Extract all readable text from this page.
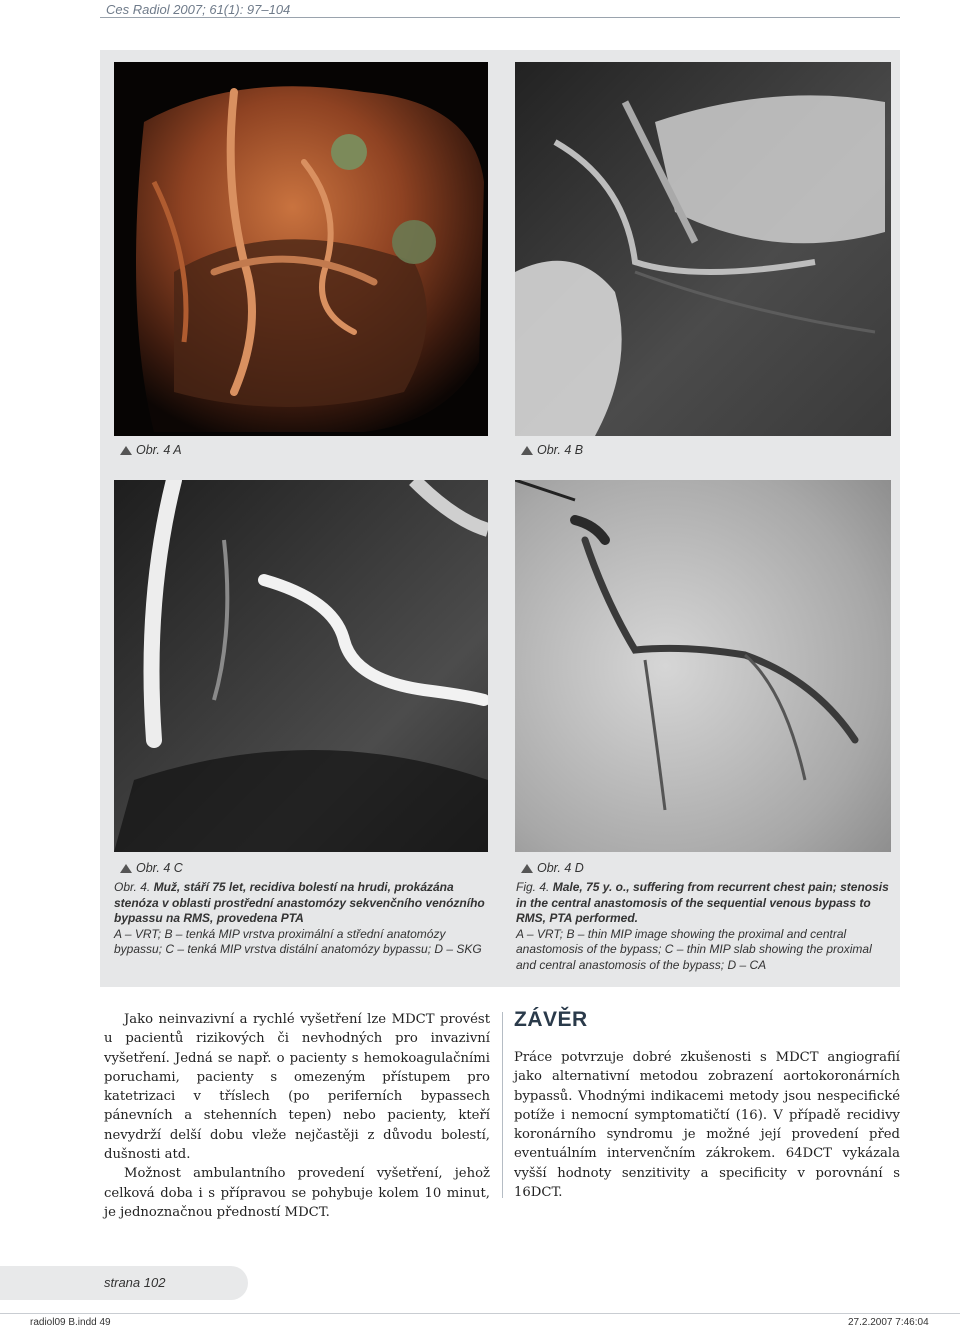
Ces Radiol 2007; 61(1): 97–104
Obr. 4 A	Obr. 4 B
Obr. 4 C	Obr. 4 D
Obr. 4. Muž, stáří 75 let, recidiva bolestí na hrudi, prokázána stenóza v oblasti prostřední anastomózy sekvenčního venózního bypassu na RMS, provedena PTA
A – VRT; B – tenká MIP vrstva proximální a střední anatomózy bypassu; C – tenká MIP vrstva distální anatomózy bypassu; D – SKG
Fig. 4. Male, 75 y. o., suffering from recurrent chest pain; stenosis in the central anastomosis of the sequential venous bypass to RMS, PTA performed.
A – VRT; B – thin MIP image showing the proximal and central anastomosis of the bypass; C – thin MIP slab showing the proximal and central anastomosis of the bypass; D – CA

Jako neinvazivní a rychlé vyšetření lze MDCT provést u pacientů rizikových či nevhodných pro invazivní vyšetření. Jedná se např. o pacienty s hemokoagulačními poruchami, pacienty s omezeným přístupem pro katetrizaci v tříslech (po periferních bypassech pánevních a stehenních tepen) nebo pacienty, kteří nevydrží delší dobu vleže nejčastěji z důvodu bolestí, dušnosti atd.

Možnost ambulantního provedení vyšetření, jehož celková doba i s přípravou se pohybuje kolem 10 minut, je jednoznačnou předností MDCT.

ZÁVĚR

Práce potvrzuje dobré zkušenosti s MDCT angiografií jako alternativní metodou zobrazení aortokoronárních bypassů. Vhodnými indikacemi metody jsou nespecifické potíže i nemocní symptomatičtí (16). V případě recidivy koronárního syndromu je možné její provedení před eventuálním intervenčním zákrokem. 64DCT vykázala vyšší hodnoty senzitivity a specificity v porovnání s 16DCT.

strana 102
radiol09 B.indd 49	27.2.2007 7:46:04
